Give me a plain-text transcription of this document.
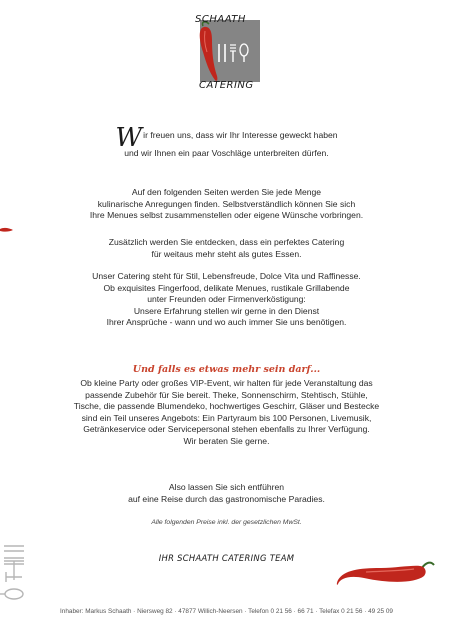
SCHAATH
CATERING

Wir freuen uns, dass wir Ihr Interesse geweckt haben

und wir Ihnen ein paar Voschläge unterbreiten dürfen.

Auf den folgenden Seiten werden Sie jede Menge

kulinarische Anregungen finden. Selbstverständlich können Sie sich

Ihre Menues selbst zusammenstellen oder eigene Wünsche vorbringen.

Zusätzlich werden Sie entdecken, dass ein perfektes Catering

für weitaus mehr steht als gutes Essen.

Unser Catering steht für Stil, Lebensfreude, Dolce Vita und Raffinesse.

Ob exquisites Fingerfood, delikate Menues, rustikale Grillabende

unter Freunden oder Firmenverköstigung:

Unsere Erfahrung stellen wir gerne in den Dienst

Ihrer Ansprüche - wann und wo auch immer Sie uns benötigen.

Und falls es etwas mehr sein darf...

Ob kleine Party oder großes VIP-Event, wir halten für jede Veranstaltung das

passende Zubehör für Sie bereit. Theke, Sonnenschirm, Stehtisch, Stühle,

Tische, die passende Blumendeko, hochwertiges Geschirr, Gläser und Bestecke

sind ein Teil unseres Angebots: Ein Partyraum bis 100 Personen, Livemusik,

Getränkeservice oder Servicepersonal stehen ebenfalls zu Ihrer Verfügung.

Wir beraten Sie gerne.

Also lassen Sie sich entführen

auf eine Reise durch das gastronomische Paradies.

Alle folgenden Preise inkl. der gesetzlichen MwSt.
IHR SCHAATH CATERING TEAM
Inhaber: Markus Schaath · Niersweg 82 · 47877 Willich-Neersen · Telefon 0 21 56 · 66 71 · Telefax 0 21 56 · 49 25 09
